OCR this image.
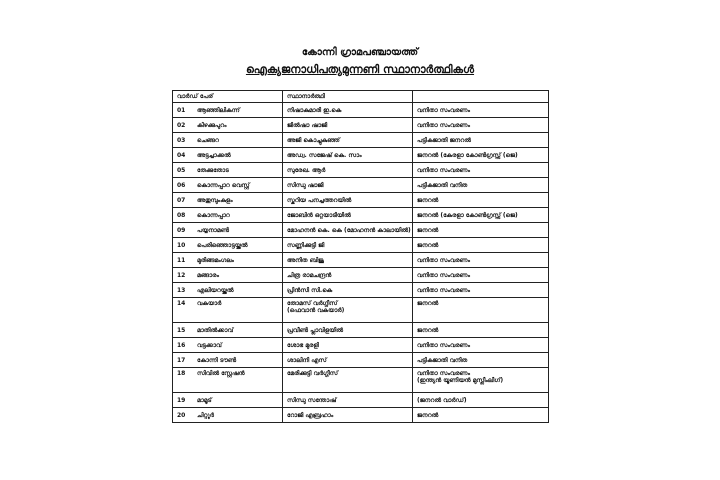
കോന്നി ഗ്രാമപഞ്ചായത്ത്
ഐക്യജനാധിപത്യമുന്നണി സ്ഥാനാർത്ഥികൾ
വാർഡ് പേര്	സ്ഥാനാർത്ഥി	
01 ആഞ്ഞിലികുന്ന്	നിഷാകുമാരി ഇ.കെ	വനിതാ സംവരണം

02 കിഴക്കുപുറം	ജിൽഷാ ഷാജി	വനിതാ സംവരണം

03 ചെങ്ങറ	അജി കൊച്ചുകുഞ്ഞ്	പട്ടികജാതി ജനറൽ

04 അട്ടച്ചാക്കൽ	അഡ്വ. സജേഷ് കെ. സാം	ജനറൽ (കേരളാ കോൺഗ്രസ്സ് (ജെ)

05 തേക്കുതോട	സുരേഖ. ആർ	വനിതാ സംവരണം

06 കൊന്നപ്പാറ വെസ്റ്റ്	സിന്ധു ഷാജി	പട്ടികജാതി വനിത

07 അതുമ്പുംകുളം	സ്കറിയ പനച്ചത്തറയിൽ	ജനറൽ

08 കൊന്നപ്പാറ	ജോബിൻ ഒറ്റയാടിയിൽ	ജനറൽ (കേരളാ കോൺഗ്രസ്സ് (ജെ)

09 പയ്യനാമൺ	മോഹനൻ കെ. കെ (മോഹനൻ കാലായിൽ)	ജനറൽ

10 പെരിഞ്ഞൊട്ടയ്ക്കൽ	സണ്ണിക്കുട്ടി ജി	ജനറൽ

11 മുരിങ്ങമംഗലം	അനിത ബിജു	വനിതാ സംവരണം

12 മങ്ങാരം	ചിത്ര രാമചന്ദ്രൻ	വനിതാ സംവരണം

13 എലിയറയ്ക്കൽ	പ്രിൻസി സി.കെ	വനിതാ സംവരണം

14 വകയാർ	തോമസ് വർഗ്ഗീസ്
(ഫെവാൻ വകയാർ)	ജനറൽ

15 മാതിൽക്കാവ്	പ്രവീൺ പ്ലാവിളയിൽ	ജനറൽ

16 വട്ടക്കാവ്	ശോഭ മുരളി	വനിതാ സംവരണം

17 കോന്നി ടൗൺ	ശാലിനി എസ്	പട്ടികജാതി വനിത

18 സിവിൽ സ്റ്റേഷൻ	മേരിക്കുട്ടി വർഗ്ഗീസ്	വനിതാ സംവരണം
(ഇന്ത്യൻ യൂണിയൻ മുസ്ലീംലീഗ്)

19 മാമൂട്	സിന്ധു സന്തോഷ്	(ജനറൽ വാർഡ്)

20 ചിറ്റൂർ	റോജി എബ്രഹാം	ജനറൽ
